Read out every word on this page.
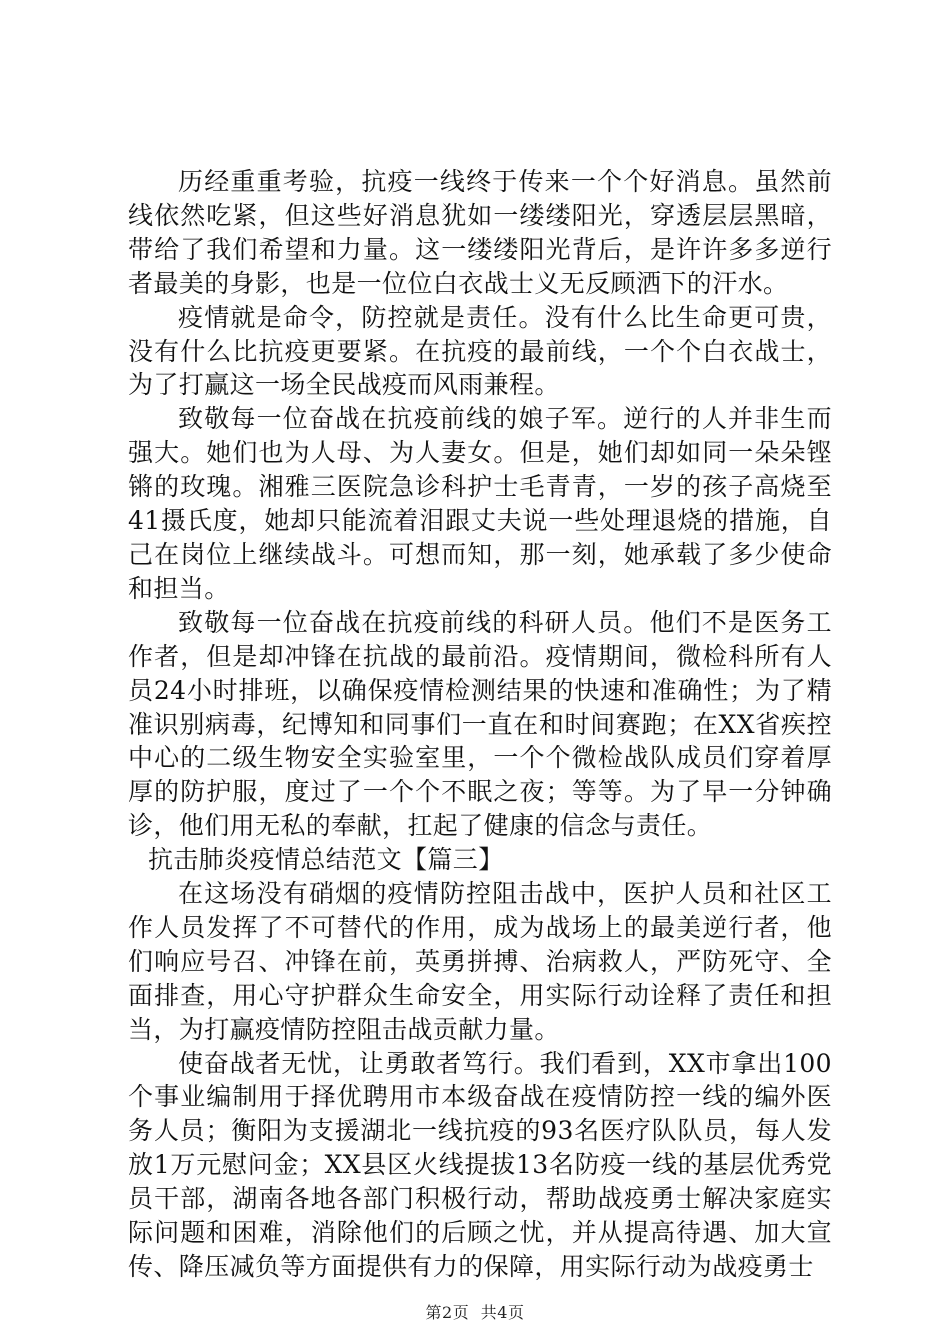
历经重重考验，抗疫一线终于传来一个个好消息。虽然前线依然吃紧，但这些好消息犹如一缕缕阳光，穿透层层黑暗，带给了我们希望和力量。这一缕缕阳光背后，是许许多多逆行者最美的身影，也是一位位白衣战士义无反顾洒下的汗水。

疫情就是命令，防控就是责任。没有什么比生命更可贵，没有什么比抗疫更要紧。在抗疫的最前线，一个个白衣战士，为了打赢这一场全民战疫而风雨兼程。

致敬每一位奋战在抗疫前线的娘子军。逆行的人并非生而强大。她们也为人母、为人妻女。但是，她们却如同一朵朵铿锵的玫瑰。湘雅三医院急诊科护士毛青青，一岁的孩子高烧至41摄氏度，她却只能流着泪跟丈夫说一些处理退烧的措施，自己在岗位上继续战斗。可想而知，那一刻，她承载了多少使命和担当。

致敬每一位奋战在抗疫前线的科研人员。他们不是医务工作者，但是却冲锋在抗战的最前沿。疫情期间，微检科所有人员24小时排班，以确保疫情检测结果的快速和准确性；为了精准识别病毒，纪博知和同事们一直在和时间赛跑；在XX省疾控中心的二级生物安全实验室里，一个个微检战队成员们穿着厚厚的防护服，度过了一个个不眠之夜；等等。为了早一分钟确诊，他们用无私的奉献，扛起了健康的信念与责任。

抗击肺炎疫情总结范文【篇三】

在这场没有硝烟的疫情防控阻击战中，医护人员和社区工作人员发挥了不可替代的作用，成为战场上的最美逆行者，他们响应号召、冲锋在前，英勇拼搏、治病救人，严防死守、全面排查，用心守护群众生命安全，用实际行动诠释了责任和担当，为打赢疫情防控阻击战贡献力量。

使奋战者无忧，让勇敢者笃行。我们看到，XX市拿出100个事业编制用于择优聘用市本级奋战在疫情防控一线的编外医务人员；衡阳为支援湖北一线抗疫的93名医疗队队员，每人发放1万元慰问金；XX县区火线提拔13名防疫一线的基层优秀党员干部，湖南各地各部门积极行动，帮助战疫勇士解决家庭实际问题和困难，消除他们的后顾之忧，并从提高待遇、加大宣传、降压减负等方面提供有力的保障，用实际行动为战疫勇士

第2页 共4页
